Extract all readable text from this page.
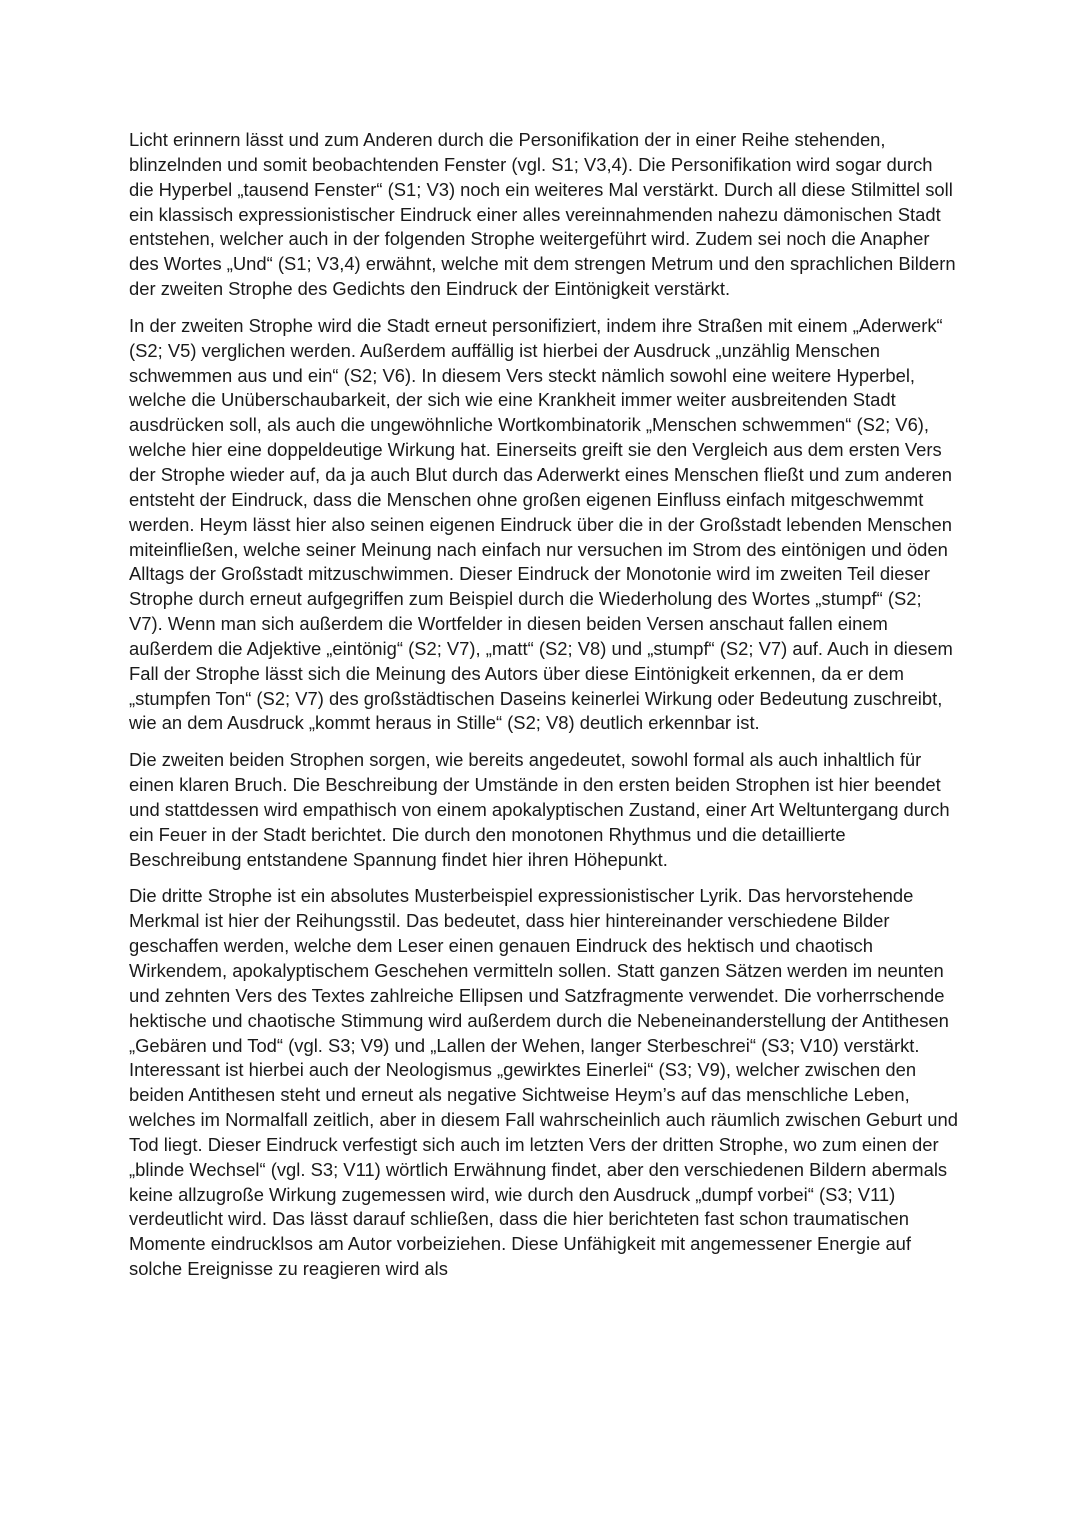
Licht erinnern lässt und zum Anderen durch die Personifikation der in einer Reihe stehenden, blinzelnden und somit beobachtenden Fenster (vgl. S1; V3,4). Die Personifikation wird sogar durch die Hyperbel „tausend Fenster“ (S1; V3) noch ein weiteres Mal verstärkt. Durch all diese Stilmittel soll ein klassisch expressionistischer Eindruck einer alles vereinnahmenden nahezu dämonischen Stadt entstehen, welcher auch in der folgenden Strophe weitergeführt wird. Zudem sei noch die Anapher des Wortes „Und“ (S1; V3,4) erwähnt, welche mit dem strengen Metrum und den sprachlichen Bildern der zweiten Strophe des Gedichts den Eindruck der Eintönigkeit verstärkt.

In der zweiten Strophe wird die Stadt erneut personifiziert, indem ihre Straßen mit einem „Aderwerk“ (S2; V5) verglichen werden. Außerdem auffällig ist hierbei der Ausdruck „unzählig Menschen schwemmen aus und ein“ (S2; V6). In diesem Vers steckt nämlich sowohl eine weitere Hyperbel, welche die Unüberschaubarkeit, der sich wie eine Krankheit immer weiter ausbreitenden Stadt ausdrücken soll, als auch die ungewöhnliche Wortkombinatorik „Menschen schwemmen“ (S2; V6), welche hier eine doppeldeutige Wirkung hat. Einerseits greift sie den Vergleich aus dem ersten Vers der Strophe wieder auf, da ja auch Blut durch das Aderwerkt eines Menschen fließt und zum anderen entsteht der Eindruck, dass die Menschen ohne großen eigenen Einfluss einfach mitgeschwemmt werden. Heym lässt hier also seinen eigenen Eindruck über die in der Großstadt lebenden Menschen miteinfließen, welche seiner Meinung nach einfach nur versuchen im Strom des eintönigen und öden Alltags der Großstadt mitzuschwimmen. Dieser Eindruck der Monotonie wird im zweiten Teil dieser Strophe durch erneut aufgegriffen zum Beispiel durch die Wiederholung des Wortes „stumpf“ (S2; V7). Wenn man sich außerdem die Wortfelder in diesen beiden Versen anschaut fallen einem außerdem die Adjektive „eintönig“ (S2; V7), „matt“ (S2; V8) und „stumpf“ (S2; V7) auf. Auch in diesem Fall der Strophe lässt sich die Meinung des Autors über diese Eintönigkeit erkennen, da er dem „stumpfen Ton“ (S2; V7) des großstädtischen Daseins keinerlei Wirkung oder Bedeutung zuschreibt, wie an dem Ausdruck „kommt heraus in Stille“ (S2; V8) deutlich erkennbar ist.

Die zweiten beiden Strophen sorgen, wie bereits angedeutet, sowohl formal als auch inhaltlich für einen klaren Bruch. Die Beschreibung der Umstände in den ersten beiden Strophen ist hier beendet und stattdessen wird empathisch von einem apokalyptischen Zustand, einer Art Weltuntergang durch ein Feuer in der Stadt berichtet. Die durch den monotonen Rhythmus und die detaillierte Beschreibung entstandene Spannung findet hier ihren Höhepunkt.

Die dritte Strophe ist ein absolutes Musterbeispiel expressionistischer Lyrik. Das hervorstehende Merkmal ist hier der Reihungsstil. Das bedeutet, dass hier hintereinander verschiedene Bilder geschaffen werden, welche dem Leser einen genauen Eindruck des hektisch und chaotisch Wirkendem, apokalyptischem Geschehen vermitteln sollen. Statt ganzen Sätzen werden im neunten und zehnten Vers des Textes zahlreiche Ellipsen und Satzfragmente verwendet. Die vorherrschende hektische und chaotische Stimmung wird außerdem durch die Nebeneinanderstellung der Antithesen „Gebären und Tod“ (vgl. S3; V9) und „Lallen der Wehen, langer Sterbeschrei“ (S3; V10) verstärkt. Interessant ist hierbei auch der Neologismus „gewirktes Einerlei“ (S3; V9), welcher zwischen den beiden Antithesen steht und erneut als negative Sichtweise Heym’s auf das menschliche Leben, welches im Normalfall zeitlich, aber in diesem Fall wahrscheinlich auch räumlich zwischen Geburt und Tod liegt. Dieser Eindruck verfestigt sich auch im letzten Vers der dritten Strophe, wo zum einen der „blinde Wechsel“ (vgl. S3; V11) wörtlich Erwähnung findet, aber den verschiedenen Bildern abermals keine allzugroße Wirkung zugemessen wird, wie durch den Ausdruck „dumpf vorbei“ (S3; V11) verdeutlicht wird. Das lässt darauf schließen, dass die hier berichteten fast schon traumatischen Momente eindrucklsos am Autor vorbeiziehen. Diese Unfähigkeit mit angemessener Energie auf solche Ereignisse zu reagieren wird als
